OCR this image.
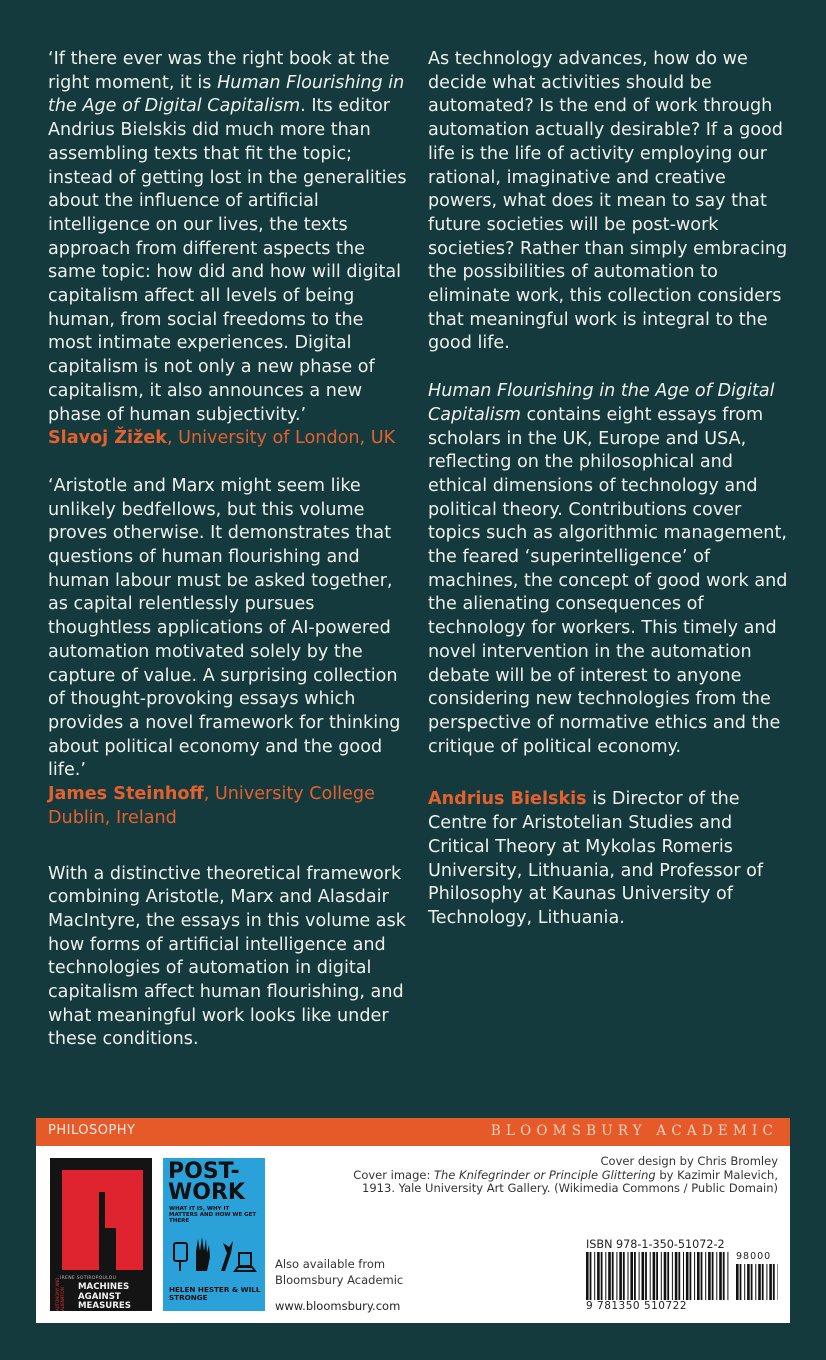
‘If there ever was the right book at the right moment, it is Human Flourishing in the Age of Digital Capitalism. Its editor Andrius Bielskis did much more than assembling texts that fit the topic; instead of getting lost in the generalities about the influence of artificial intelligence on our lives, the texts approach from different aspects the same topic: how did and how will digital capitalism affect all levels of being human, from social freedoms to the most intimate experiences. Digital capitalism is not only a new phase of capitalism, it also announces a new phase of human subjectivity.’

Slavoj Žižek, University of London, UK

‘Aristotle and Marx might seem like unlikely bedfellows, but this volume proves otherwise. It demonstrates that questions of human flourishing and human labour must be asked together, as capital relentlessly pursues thoughtless applications of AI-powered automation motivated solely by the capture of value. A surprising collection of thought-provoking essays which provides a novel framework for thinking about political economy and the good life.’

James Steinhoff, University College Dublin, Ireland

With a distinctive theoretical framework combining Aristotle, Marx and Alasdair MacIntyre, the essays in this volume ask how forms of artificial intelligence and technologies of automation in digital capitalism affect human flourishing, and what meaningful work looks like under these conditions.

As technology advances, how do we decide what activities should be automated? Is the end of work through automation actually desirable? If a good life is the life of activity employing our rational, imaginative and creative powers, what does it mean to say that future societies will be post-work societies? Rather than simply embracing the possibilities of automation to eliminate work, this collection considers that meaningful work is integral to the good life.

Human Flourishing in the Age of Digital Capitalism contains eight essays from scholars in the UK, Europe and USA, reflecting on the philosophical and ethical dimensions of technology and political theory. Contributions cover topics such as algorithmic management, the feared ‘superintelligence’ of machines, the concept of good work and the alienating consequences of technology for workers. This timely and novel intervention in the automation debate will be of interest to anyone considering new technologies from the perspective of normative ethics and the critique of political economy.

Andrius Bielskis is Director of the Centre for Aristotelian Studies and Critical Theory at Mykolas Romeris University, Lithuania, and Professor of Philosophy at Kaunas University of Technology, Lithuania.

PHILOSOPHY	BLOOMSBURY ACADEMIC
AUTONOMY AND ALIENATION
IRENE SOTIROPOULOU
MACHINES AGAINST MEASURES
POST-WORK
WHAT IT IS, WHY IT MATTERS AND HOW WE GET THERE
HELEN HESTER & WILL STRONGE
Also available from Bloomsbury Academic
www.bloomsbury.com
Cover design by Chris Bromley
Cover image: The Knifegrinder or Principle Glittering by Kazimir Malevich, 1913. Yale University Art Gallery. (Wikimedia Commons / Public Domain)
ISBN 978-1-350-51072-2
98000
9 781350 510722
